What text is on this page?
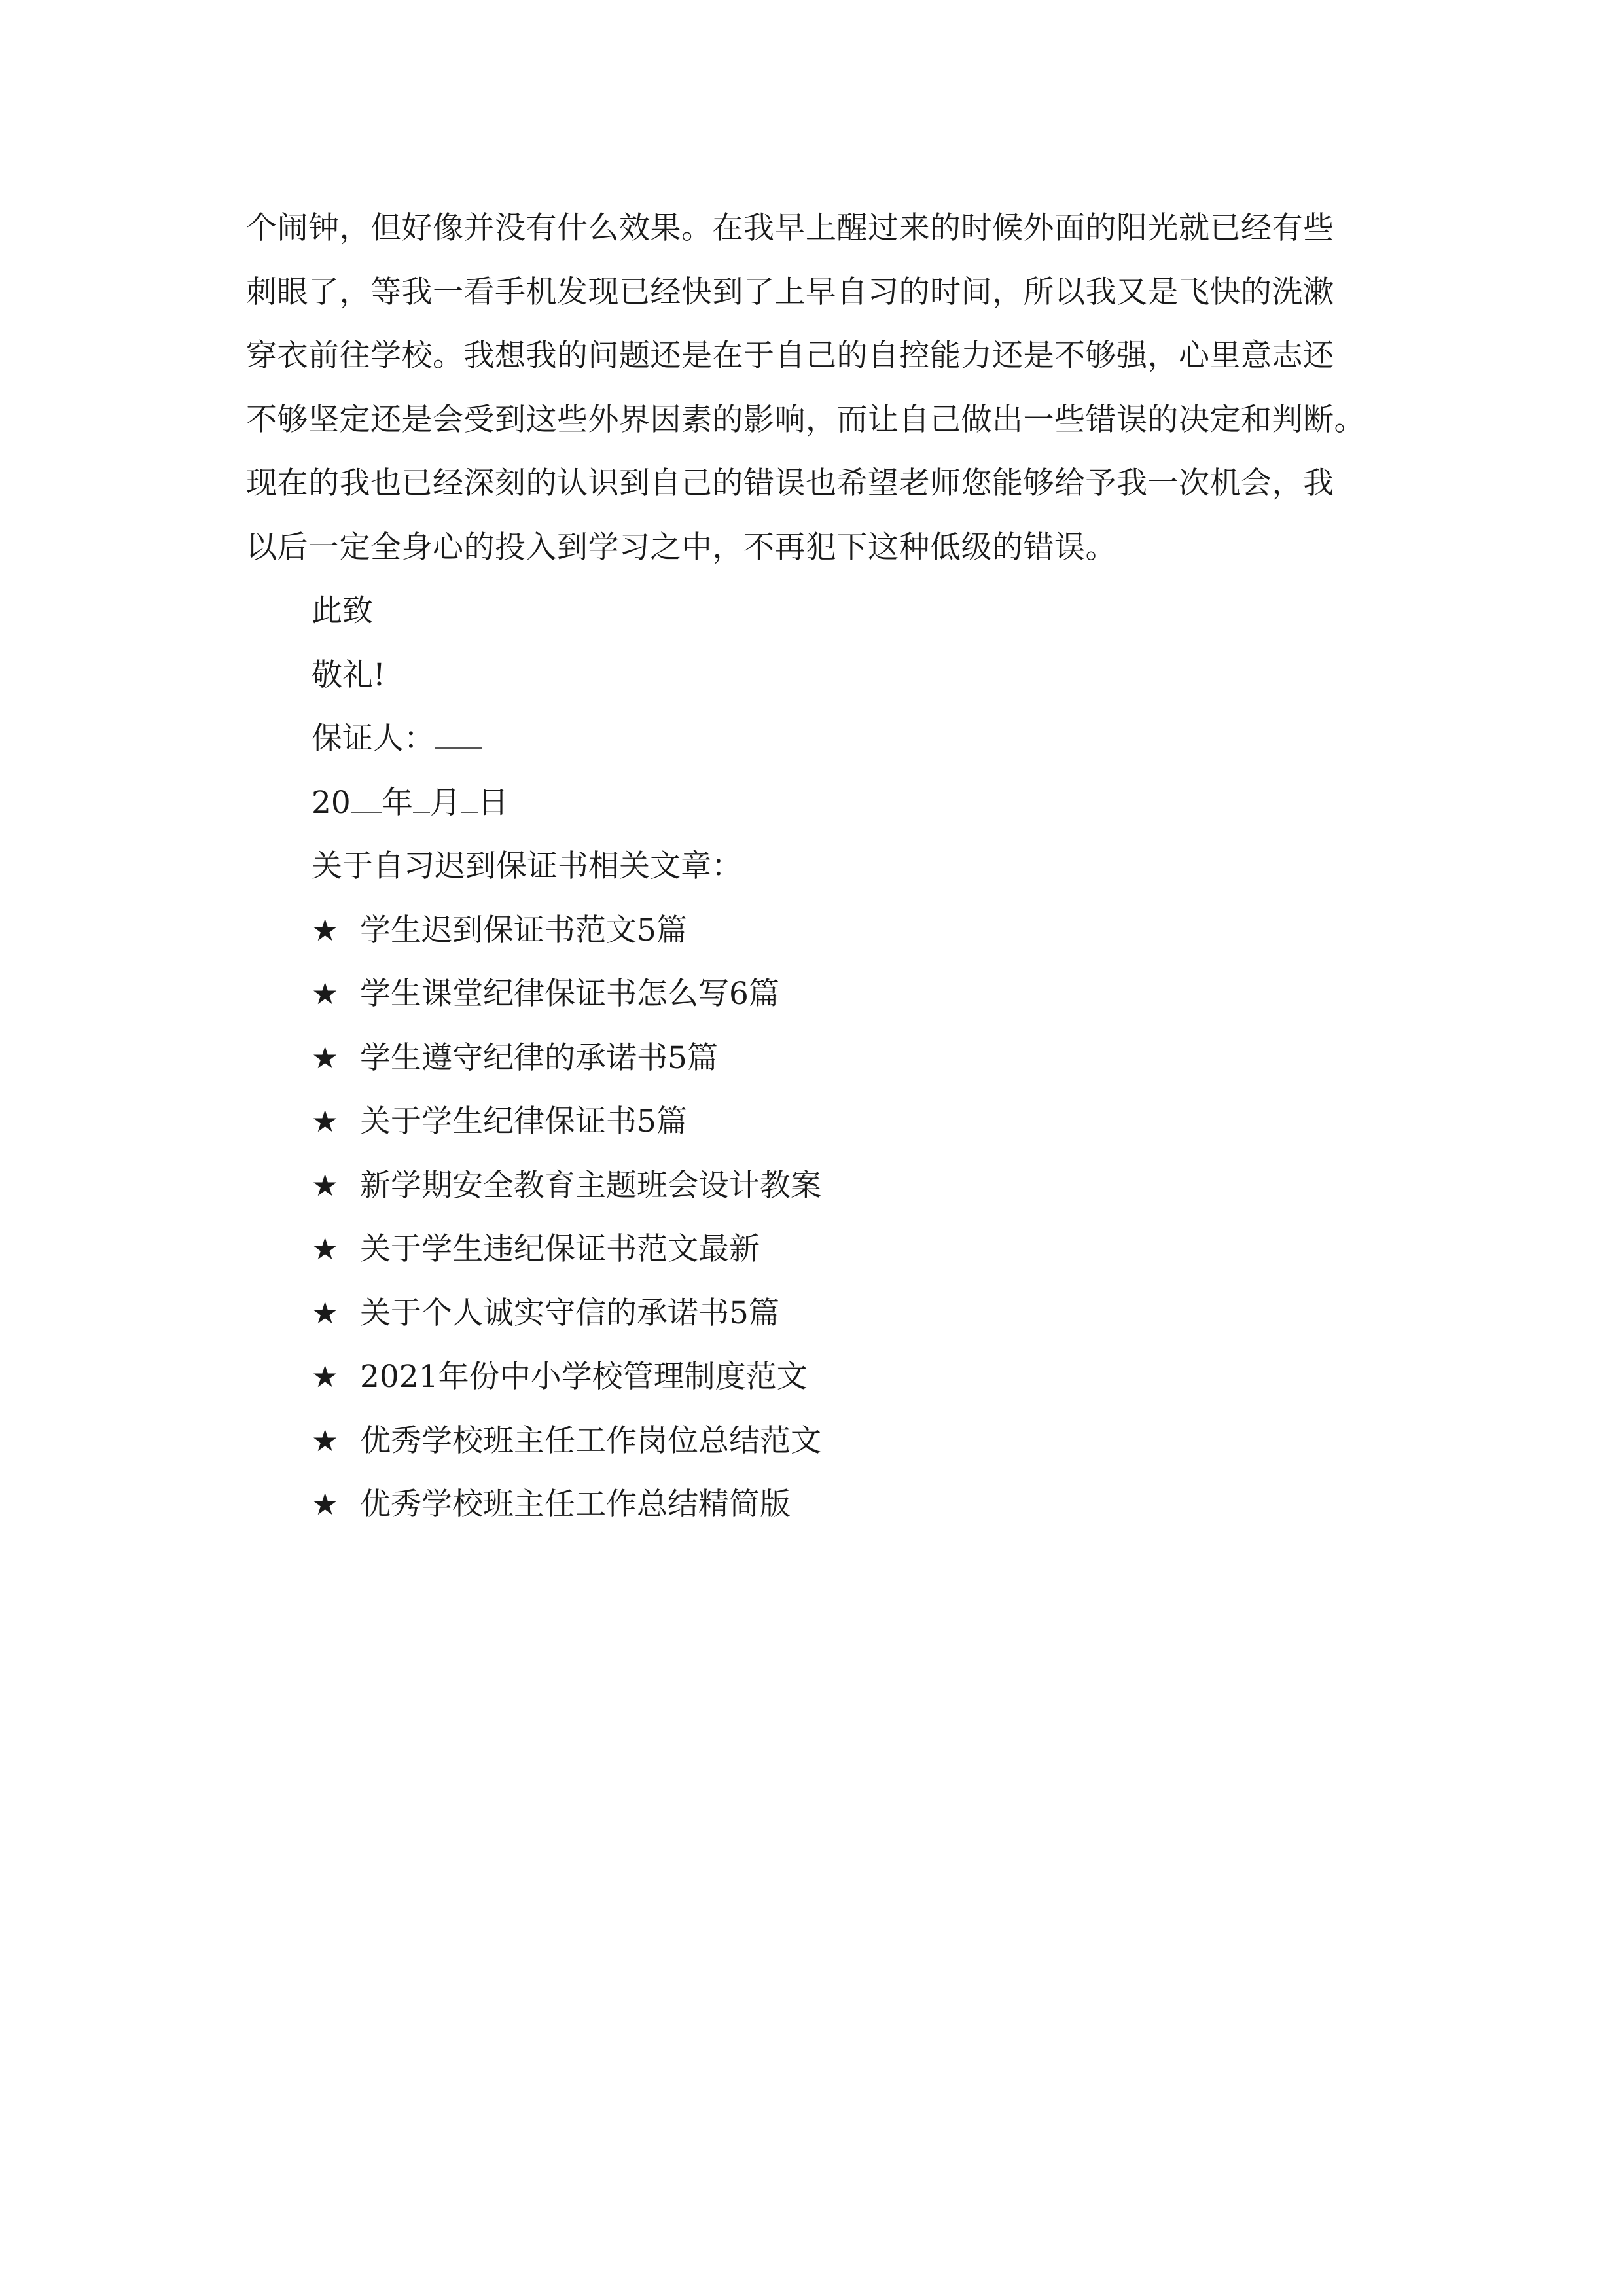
个闹钟，但好像并没有什么效果。在我早上醒过来的时候外面的阳光就已经有些
刺眼了，等我一看手机发现已经快到了上早自习的时间，所以我又是飞快的洗漱
穿衣前往学校。我想我的问题还是在于自己的自控能力还是不够强，心里意志还
不够坚定还是会受到这些外界因素的影响，而让自己做出一些错误的决定和判断。
现在的我也已经深刻的认识到自己的错误也希望老师您能够给予我一次机会，我
以后一定全身心的投入到学习之中，不再犯下这种低级的错误。
此致
敬礼!
保证人：
20 年 月 日
关于自习迟到保证书相关文章：
★ 学生迟到保证书范文5篇
★ 学生课堂纪律保证书怎么写6篇
★ 学生遵守纪律的承诺书5篇
★ 关于学生纪律保证书5篇
★ 新学期安全教育主题班会设计教案
★ 关于学生违纪保证书范文最新
★ 关于个人诚实守信的承诺书5篇
★ 2021年份中小学校管理制度范文
★ 优秀学校班主任工作岗位总结范文
★ 优秀学校班主任工作总结精简版
